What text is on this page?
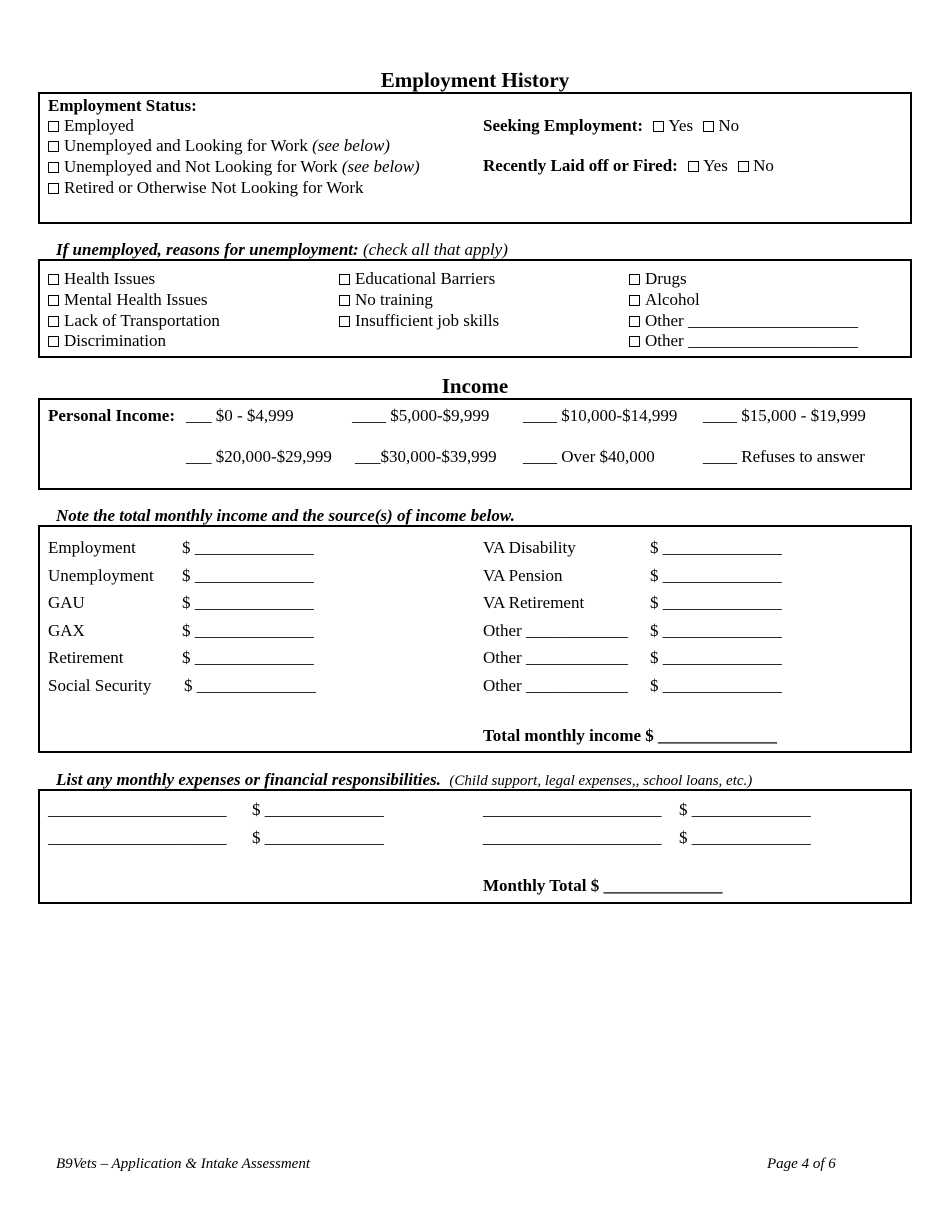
Employment History
Employment Status:
Employed
Unemployed and Looking for Work (see below)
Unemployed and Not Looking for Work (see below)
Retired or Otherwise Not Looking for Work
Seeking Employment: Yes No
Recently Laid off or Fired: Yes No
If unemployed, reasons for unemployment: (check all that apply)
Health Issues
Mental Health Issues
Lack of Transportation
Discrimination
Educational Barriers
No training
Insufficient job skills
Drugs
Alcohol
Other ____________________
Other ____________________
Income
Personal Income: ___ $0 - $4,999	____ $5,000-$9,999 ____ $10,000-$14,999 ____ $15,000 - $19,999
___ $20,000-$29,999 ___$30,000-$39,999 ____ Over $40,000	____ Refuses to answer
Note the total monthly income and the source(s) of income below.
Employment	$ ______________
Unemployment $ ______________
GAU	$ ______________
GAX	$ ______________
Retirement	$ ______________
Social Security $ ______________
VA Disability	$ ______________
VA Pension	$ ______________
VA Retirement	$ ______________
Other ____________ $ ______________
Other ____________ $ ______________
Other ____________ $ ______________
Total monthly income $ ______________
List any monthly expenses or financial responsibilities. (Child support, legal expenses,, school loans, etc.)
_____________________ $ ______________	_____________________ $ ______________
_____________________ $ ______________	_____________________ $ ______________
Monthly Total $ ______________
B9Vets – Application & Intake Assessment	Page 4 of 6
